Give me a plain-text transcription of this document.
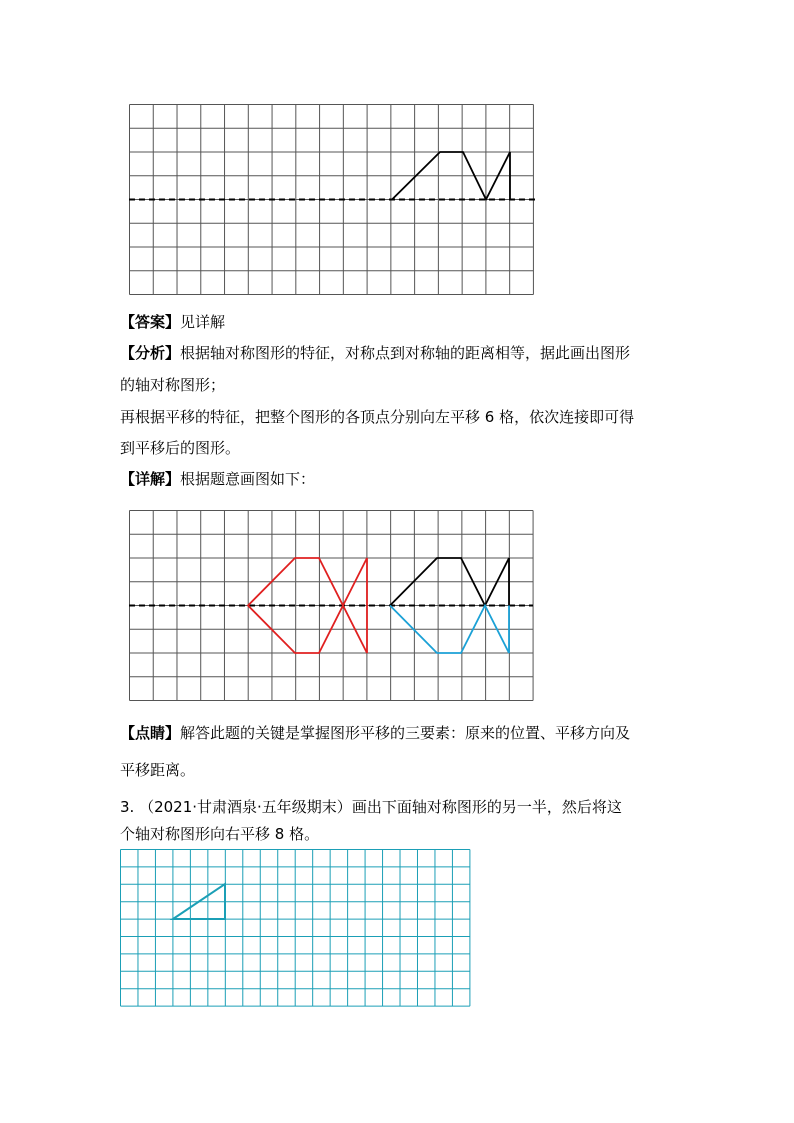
【答案】见详解
【分析】根据轴对称图形的特征，对称点到对称轴的距离相等，据此画出图形
的轴对称图形；
再根据平移的特征，把整个图形的各顶点分别向左平移 6 格，依次连接即可得
到平移后的图形。
【详解】根据题意画图如下：
【点睛】解答此题的关键是掌握图形平移的三要素：原来的位置、平移方向及
平移距离。
3. （2021·甘肃酒泉·五年级期末）画出下面轴对称图形的另一半，然后将这
个轴对称图形向右平移 8 格。
